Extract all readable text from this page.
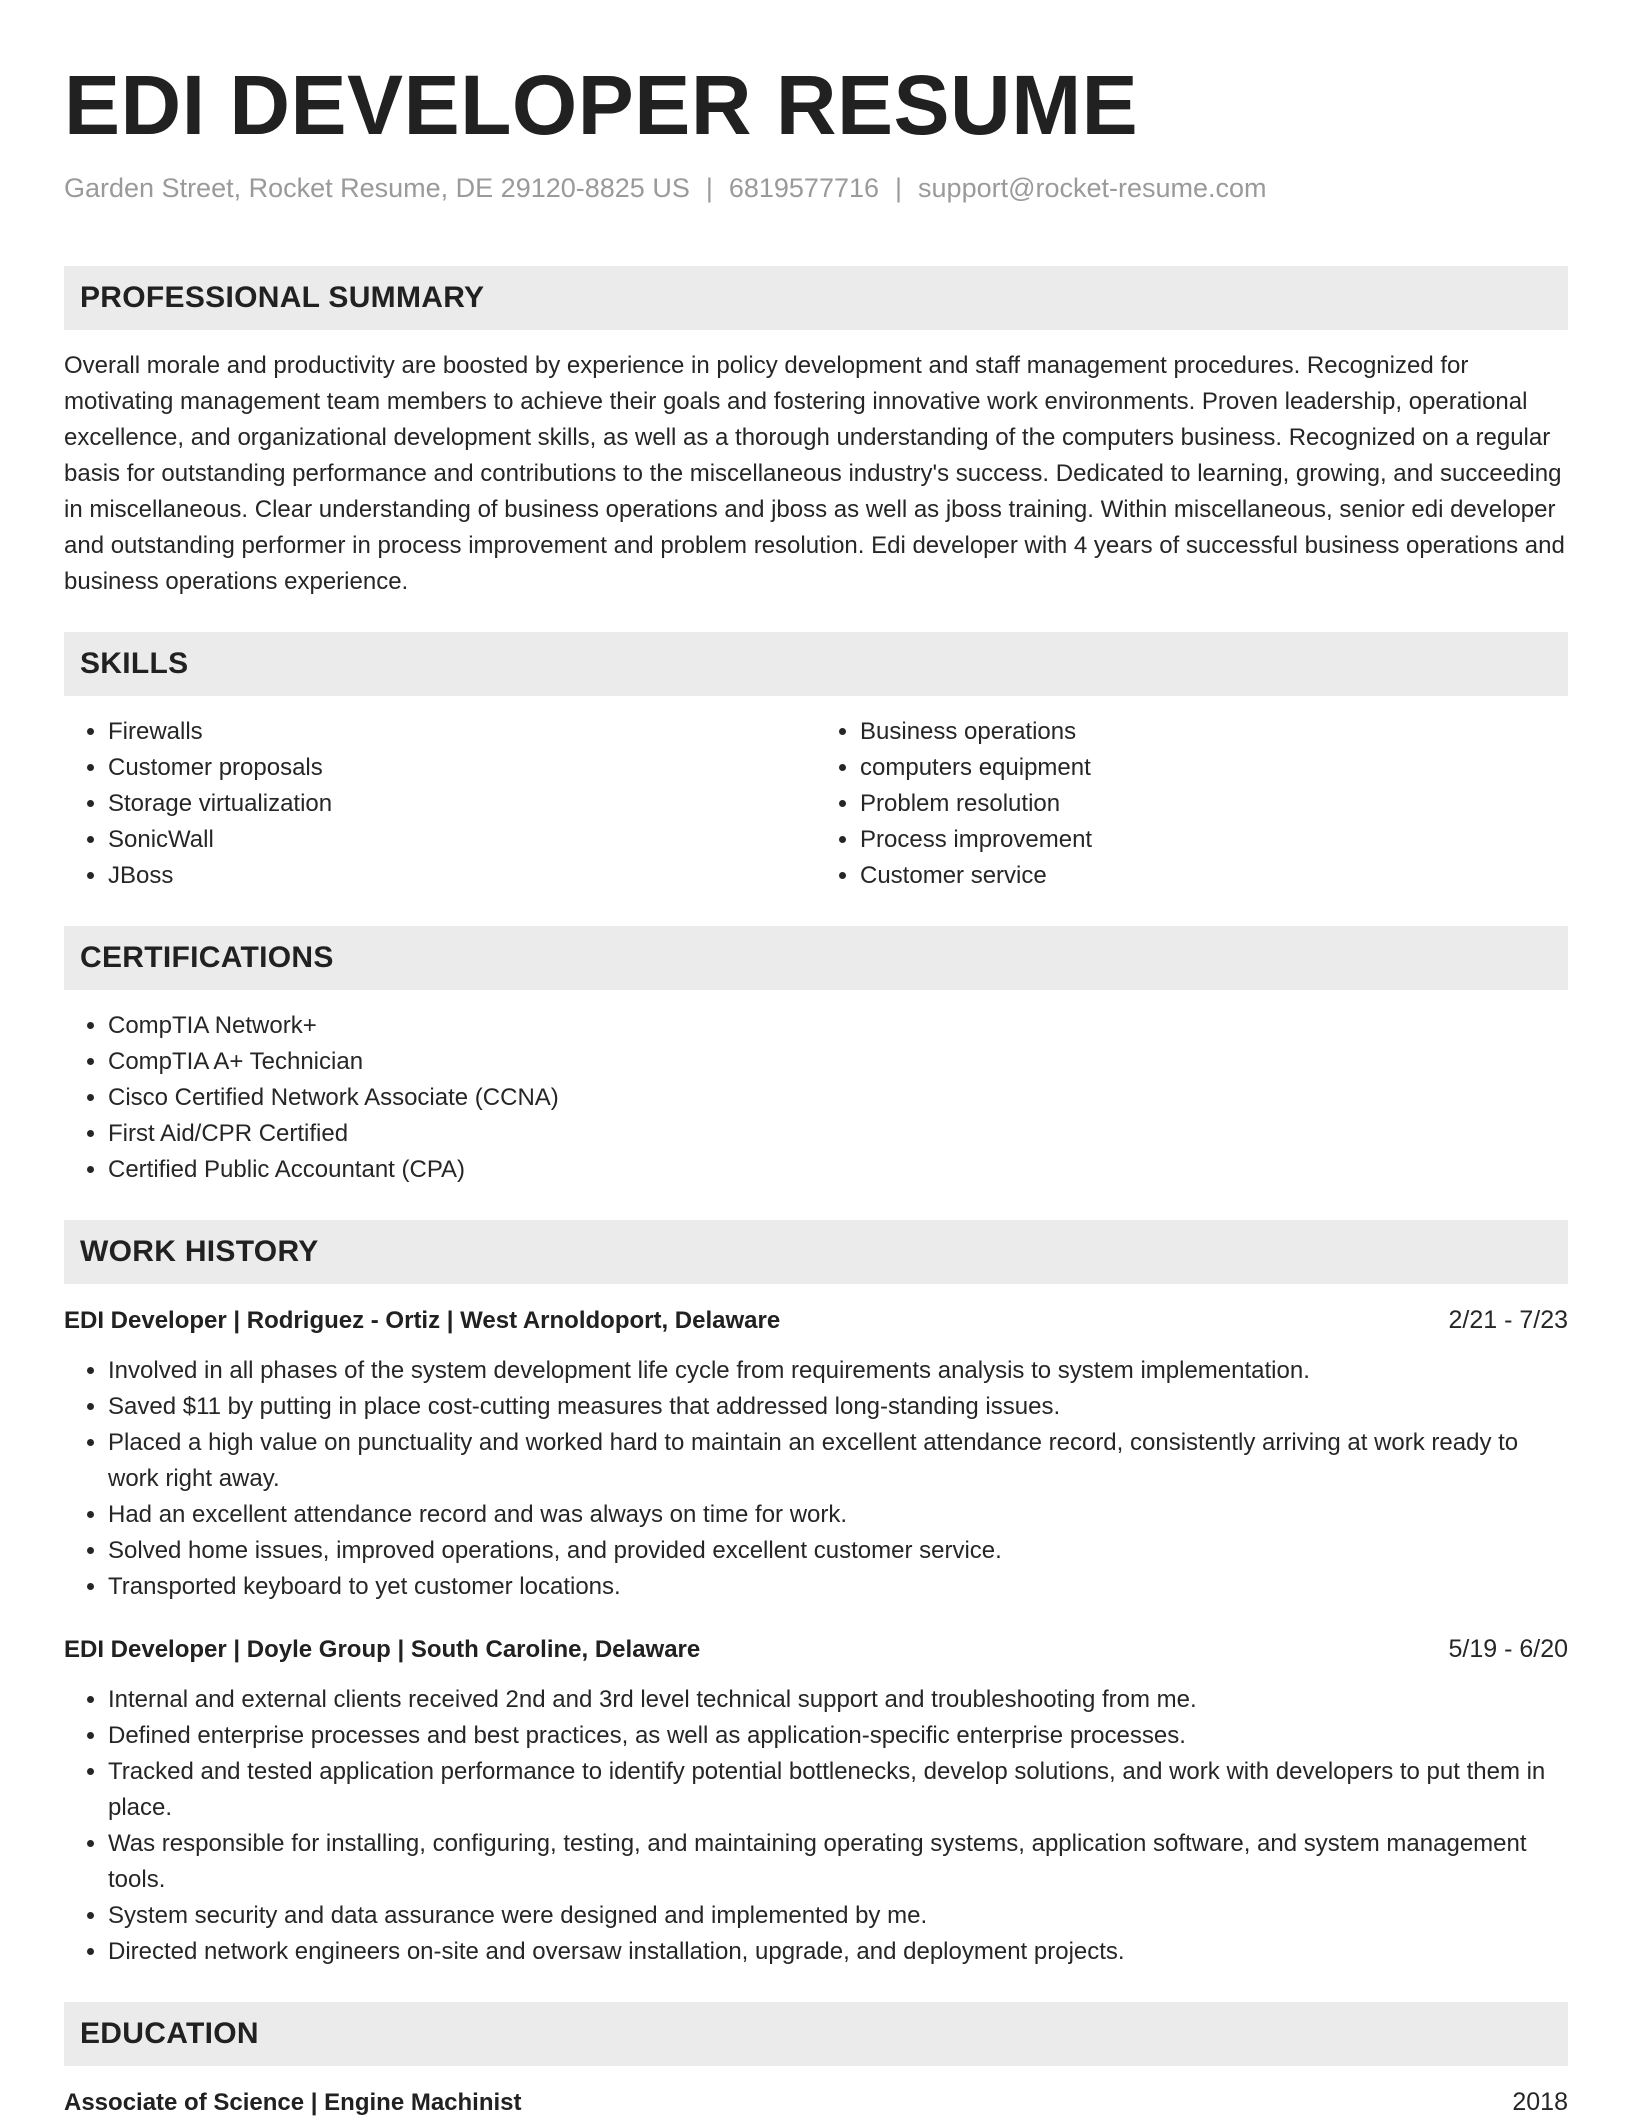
EDI DEVELOPER RESUME
Garden Street, Rocket Resume, DE 29120-8825 US | 6819577716 | support@rocket-resume.com
PROFESSIONAL SUMMARY

Overall morale and productivity are boosted by experience in policy development and staff management procedures. Recognized for motivating management team members to achieve their goals and fostering innovative work environments. Proven leadership, operational excellence, and organizational development skills, as well as a thorough understanding of the computers business. Recognized on a regular basis for outstanding performance and contributions to the miscellaneous industry's success. Dedicated to learning, growing, and succeeding in miscellaneous. Clear understanding of business operations and jboss as well as jboss training. Within miscellaneous, senior edi developer and outstanding performer in process improvement and problem resolution. Edi developer with 4 years of successful business operations and business operations experience.

SKILLS
• Firewalls
• Customer proposals
• Storage virtualization
• SonicWall
• JBoss
• Business operations
• computers equipment
• Problem resolution
• Process improvement
• Customer service
CERTIFICATIONS
• CompTIA Network+
• CompTIA A+ Technician
• Cisco Certified Network Associate (CCNA)
• First Aid/CPR Certified
• Certified Public Accountant (CPA)
WORK HISTORY
EDI Developer | Rodriguez - Ortiz | West Arnoldoport, Delaware	2/21 - 7/23
• Involved in all phases of the system development life cycle from requirements analysis to system implementation.
• Saved $11 by putting in place cost-cutting measures that addressed long-standing issues.
• Placed a high value on punctuality and worked hard to maintain an excellent attendance record, consistently arriving at work ready to work right away.
• Had an excellent attendance record and was always on time for work.
• Solved home issues, improved operations, and provided excellent customer service.
• Transported keyboard to yet customer locations.
EDI Developer | Doyle Group | South Caroline, Delaware	5/19 - 6/20
• Internal and external clients received 2nd and 3rd level technical support and troubleshooting from me.
• Defined enterprise processes and best practices, as well as application-specific enterprise processes.
• Tracked and tested application performance to identify potential bottlenecks, develop solutions, and work with developers to put them in place.
• Was responsible for installing, configuring, testing, and maintaining operating systems, application software, and system management tools.
• System security and data assurance were designed and implemented by me.
• Directed network engineers on-site and oversaw installation, upgrade, and deployment projects.
EDUCATION
Associate of Science | Engine Machinist	2018
